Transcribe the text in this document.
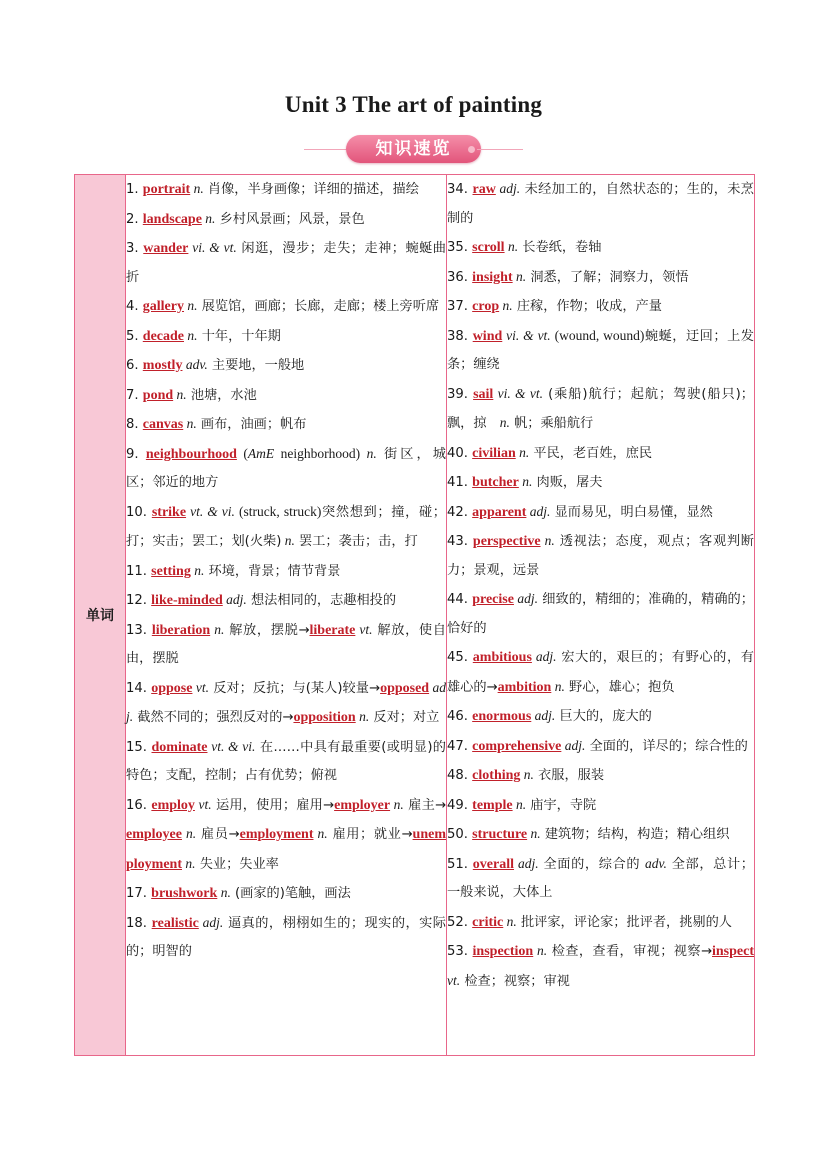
Unit 3 The art of painting
知识速览
单词	
1. portrait n. 肖像，半身画像；详细的描述，描绘
2. landscape n. 乡村风景画；风景，景色
3. wander vi. & vt. 闲逛，漫步；走失；走神；蜿蜒曲折
4. gallery n. 展览馆，画廊；长廊，走廊；楼上旁听席
5. decade n. 十年，十年期
6. mostly adv. 主要地，一般地
7. pond n. 池塘，水池
8. canvas n. 画布，油画；帆布
9. neighbourhood (AmE neighborhood) n. 街区，城区；邻近的地方
10. strike vt. & vi. (struck, struck)突然想到；撞，碰；打；实击；罢工；划(火柴) n. 罢工；袭击；击，打
11. setting n. 环境，背景；情节背景
12. like-minded adj. 想法相同的，志趣相投的
13. liberation n. 解放，摆脱→liberate vt. 解放，使自由，摆脱
14. oppose vt. 反对；反抗；与(某人)较量→opposed adj. 截然不同的；强烈反对的→opposition n. 反对；对立
15. dominate vt. & vi. 在……中具有最重要(或明显)的特色；支配，控制；占有优势；俯视
16. employ vt. 运用，使用；雇用→employer n. 雇主→employee n. 雇员→employment n. 雇用；就业→unemployment n. 失业；失业率
17. brushwork n. (画家的)笔触，画法
18. realistic adj. 逼真的，栩栩如生的；现实的，实际的；明智的

34. raw adj. 未经加工的，自然状态的；生的，未烹制的
35. scroll n. 长卷纸，卷轴
36. insight n. 洞悉，了解；洞察力，领悟
37. crop n. 庄稼，作物；收成，产量
38. wind vi. & vt. (wound, wound)蜿蜒，迂回；上发条；缠绕
39. sail vi. & vt. (乘船)航行；起航；驾驶(船只)；飘，掠　n. 帆；乘船航行
40. civilian n. 平民，老百姓，庶民
41. butcher n. 肉贩，屠夫
42. apparent adj. 显而易见，明白易懂，显然
43. perspective n. 透视法；态度，观点；客观判断力；景观，远景
44. precise adj. 细致的，精细的；准确的，精确的；恰好的
45. ambitious adj. 宏大的，艰巨的；有野心的，有雄心的→ambition n. 野心，雄心；抱负
46. enormous adj. 巨大的，庞大的
47. comprehensive adj. 全面的，详尽的；综合性的
48. clothing n. 衣服，服装
49. temple n. 庙宇，寺院
50. structure n. 建筑物；结构，构造；精心组织
51. overall adj. 全面的，综合的 adv. 全部，总计；一般来说，大体上
52. critic n. 批评家，评论家；批评者，挑剔的人
53. inspection n. 检查，查看，审视；视察→inspect vt. 检查；视察；审视
